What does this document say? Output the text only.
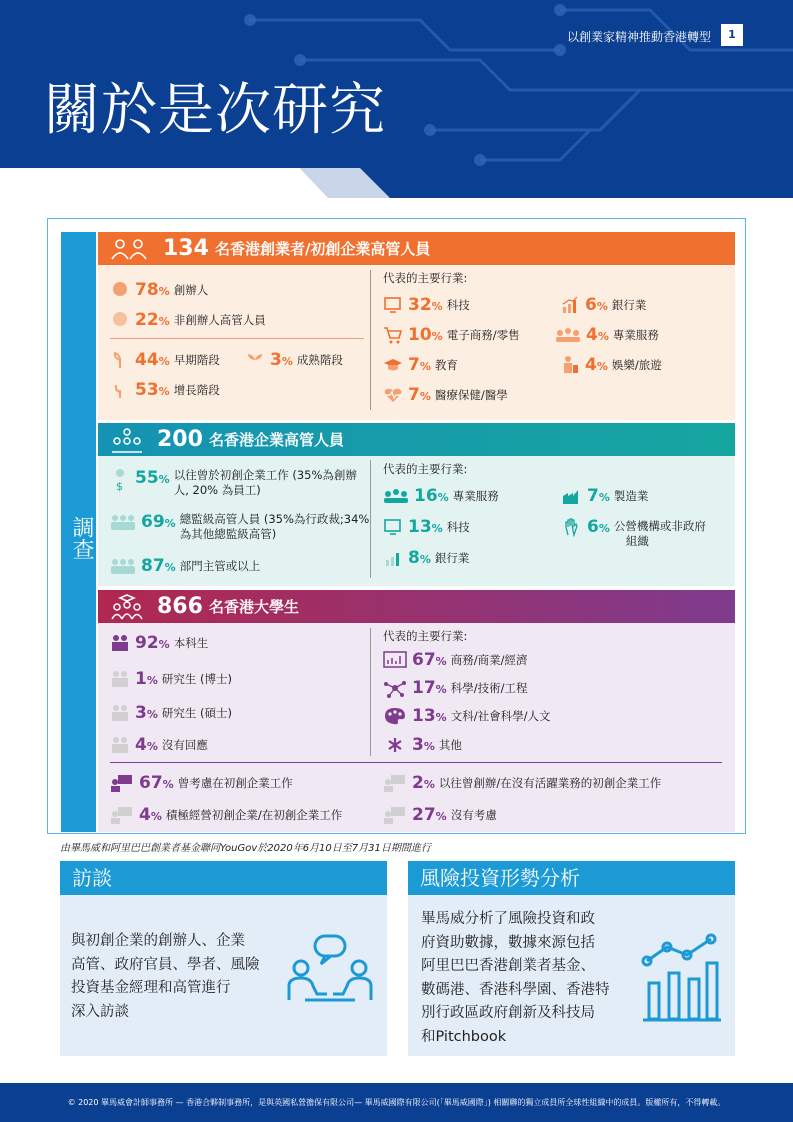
以創業家精神推動香港轉型	1
關於是次研究
調查
134 名香港創業者/初創企業高管人員
78% 創辦人
22% 非創辦人高管人員
44% 早期階段	3% 成熟階段
53% 增長階段
代表的主要行業:
32% 科技
10% 電子商務/零售
7% 教育
7% 醫療保健/醫學
6% 銀行業
4% 專業服務
4% 娛樂/旅遊
200 名香港企業高管人員
$ 55% 以往曾於初創企業工作 (35%為創辦
人, 20% 為員工)
69% 總監級高管人員 (35%為行政裁;34%
為其他總監級高管)
87% 部門主管或以上
代表的主要行業:
16% 專業服務
13% 科技
8% 銀行業
7% 製造業
6% 公營機構或非政府
組織
866 名香港大學生
92% 本科生
1% 研究生 (博士)
3% 研究生 (碩士)
4% 沒有回應
代表的主要行業:
67% 商務/商業/經濟
17% 科學/技術/工程
13% 文科/社會科學/人文
3% 其他
67% 曾考慮在初創企業工作
4% 積極經營初創企業/在初創企業工作
2% 以往曾創辦/在沒有活躍業務的初創企業工作
27% 沒有考慮
由畢馬威和阿里巴巴創業者基金聯同YouGov於2020年6月10日至7月31日期間進行
訪談
與初創企業的創辦人、企業
高管、政府官員、學者、風險
投資基金經理和高管進行
深入訪談
風險投資形勢分析
畢馬威分析了風險投資和政
府資助數據，數據來源包括
阿里巴巴香港創業者基金、
數碼港、香港科學園、香港特
別行政區政府創新及科技局
和Pitchbook
© 2020 畢馬威會計師事務所 — 香港合夥制事務所，是與英國私營擔保有限公司— 畢馬威國際有限公司(「畢馬威國際」) 相關聯的獨立成員所全球性組織中的成員。版權所有，不得轉載。
